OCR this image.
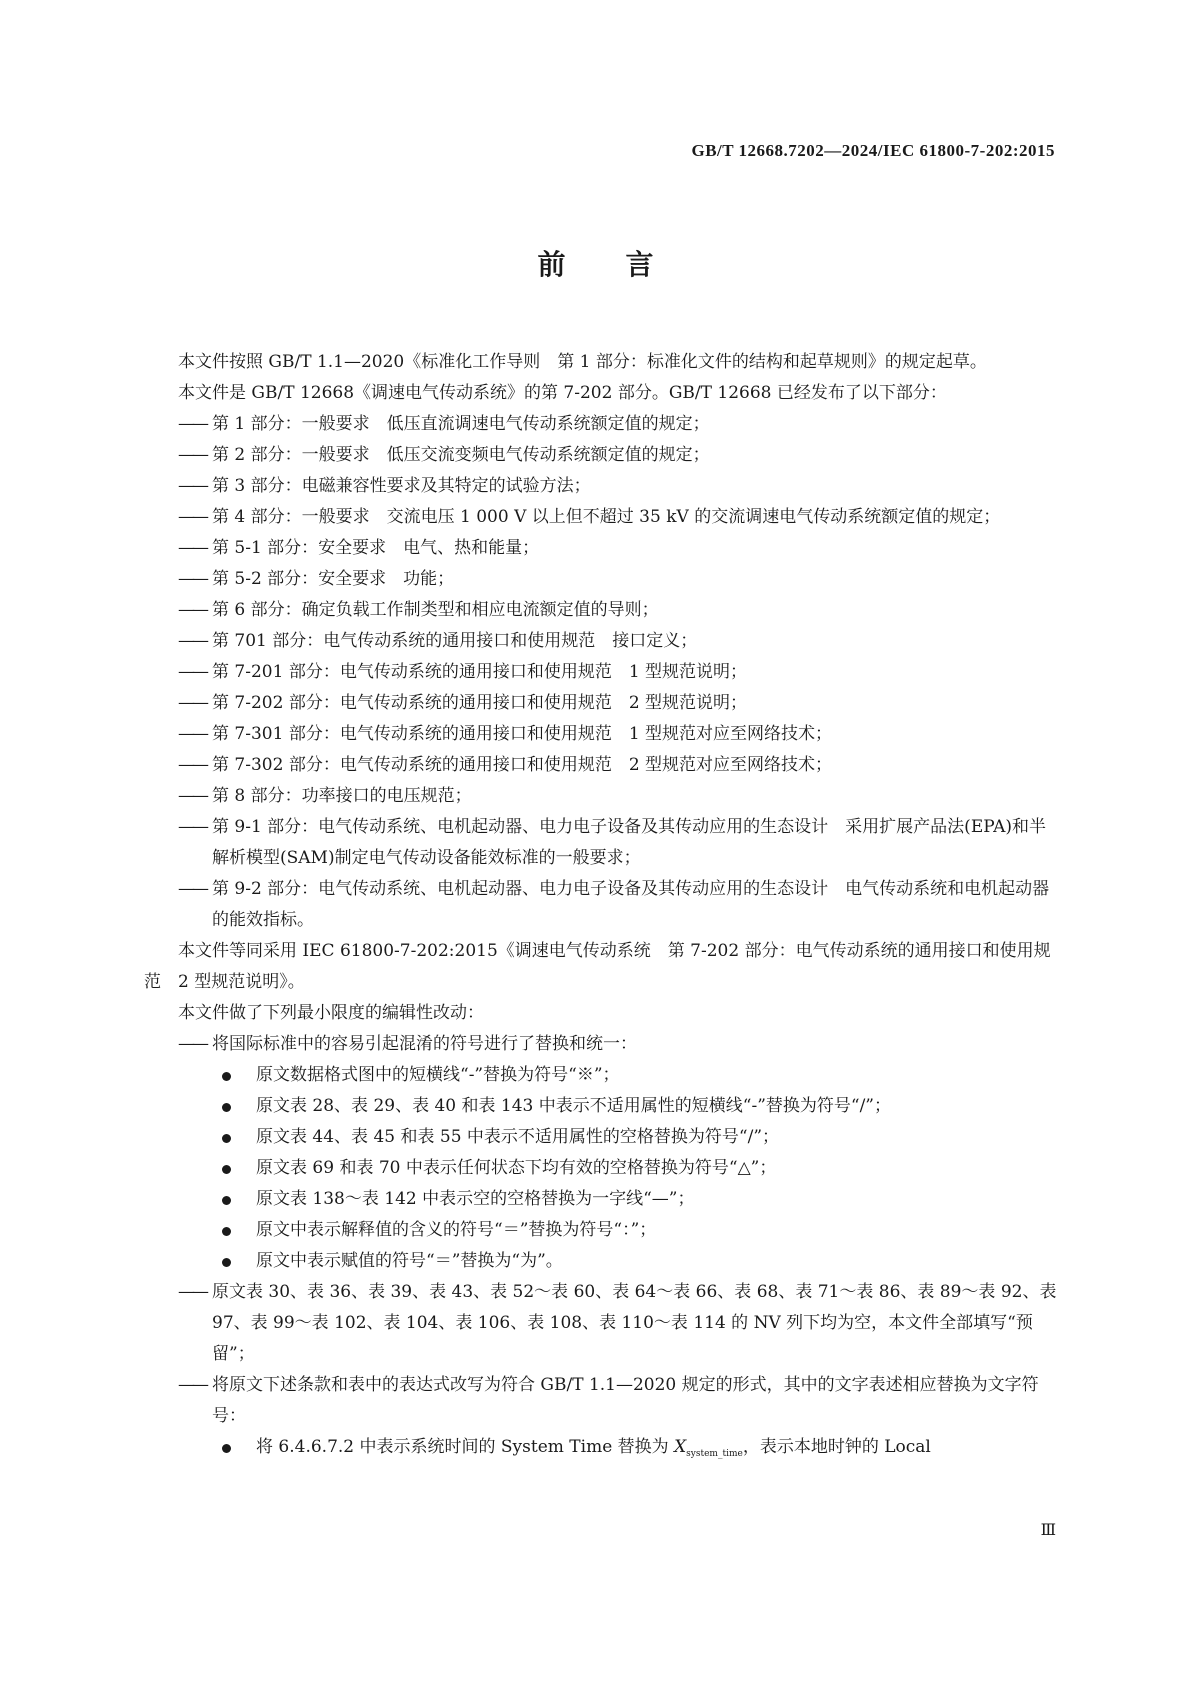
GB/T 12668.7202—2024/IEC 61800-7-202:2015
前言

本文件按照 GB/T 1.1—2020《标准化工作导则　第 1 部分：标准化文件的结构和起草规则》的规定起草。

本文件是 GB/T 12668《调速电气传动系统》的第 7-202 部分。GB/T 12668 已经发布了以下部分：

—— 第 1 部分：一般要求　低压直流调速电气传动系统额定值的规定；
—— 第 2 部分：一般要求　低压交流变频电气传动系统额定值的规定；
—— 第 3 部分：电磁兼容性要求及其特定的试验方法；
—— 第 4 部分：一般要求　交流电压 1 000 V 以上但不超过 35 kV 的交流调速电气传动系统额定值的规定；
—— 第 5-1 部分：安全要求　电气、热和能量；
—— 第 5-2 部分：安全要求　功能；
—— 第 6 部分：确定负载工作制类型和相应电流额定值的导则；
—— 第 701 部分：电气传动系统的通用接口和使用规范　接口定义；
—— 第 7-201 部分：电气传动系统的通用接口和使用规范　1 型规范说明；
—— 第 7-202 部分：电气传动系统的通用接口和使用规范　2 型规范说明；
—— 第 7-301 部分：电气传动系统的通用接口和使用规范　1 型规范对应至网络技术；
—— 第 7-302 部分：电气传动系统的通用接口和使用规范　2 型规范对应至网络技术；
—— 第 8 部分：功率接口的电压规范；
—— 第 9-1 部分：电气传动系统、电机起动器、电力电子设备及其传动应用的生态设计　采用扩展产品法(EPA)和半解析模型(SAM)制定电气传动设备能效标准的一般要求；
—— 第 9-2 部分：电气传动系统、电机起动器、电力电子设备及其传动应用的生态设计　电气传动系统和电机起动器的能效指标。

本文件等同采用 IEC 61800-7-202:2015《调速电气传动系统　第 7-202 部分：电气传动系统的通用接口和使用规范　2 型规范说明》。

本文件做了下列最小限度的编辑性改动：

—— 将国际标准中的容易引起混淆的符号进行了替换和统一：
原文数据格式图中的短横线“-”替换为符号“※”；
原文表 28、表 29、表 40 和表 143 中表示不适用属性的短横线“-”替换为符号“/”；
原文表 44、表 45 和表 55 中表示不适用属性的空格替换为符号“/”；
原文表 69 和表 70 中表示任何状态下均有效的空格替换为符号“△”；
原文表 138～表 142 中表示空的空格替换为一字线“—”；
原文中表示解释值的含义的符号“＝”替换为符号“：”；
原文中表示赋值的符号“＝”替换为“为”。
—— 原文表 30、表 36、表 39、表 43、表 52～表 60、表 64～表 66、表 68、表 71～表 86、表 89～表 92、表 97、表 99～表 102、表 104、表 106、表 108、表 110～表 114 的 NV 列下均为空，本文件全部填写“预留”；
—— 将原文下述条款和表中的表达式改写为符合 GB/T 1.1—2020 规定的形式，其中的文字表述相应替换为文字符号：
将 6.4.6.7.2 中表示系统时间的 System Time 替换为 $X_{system\_time}$，表示本地时钟的 Local
Ⅲ
